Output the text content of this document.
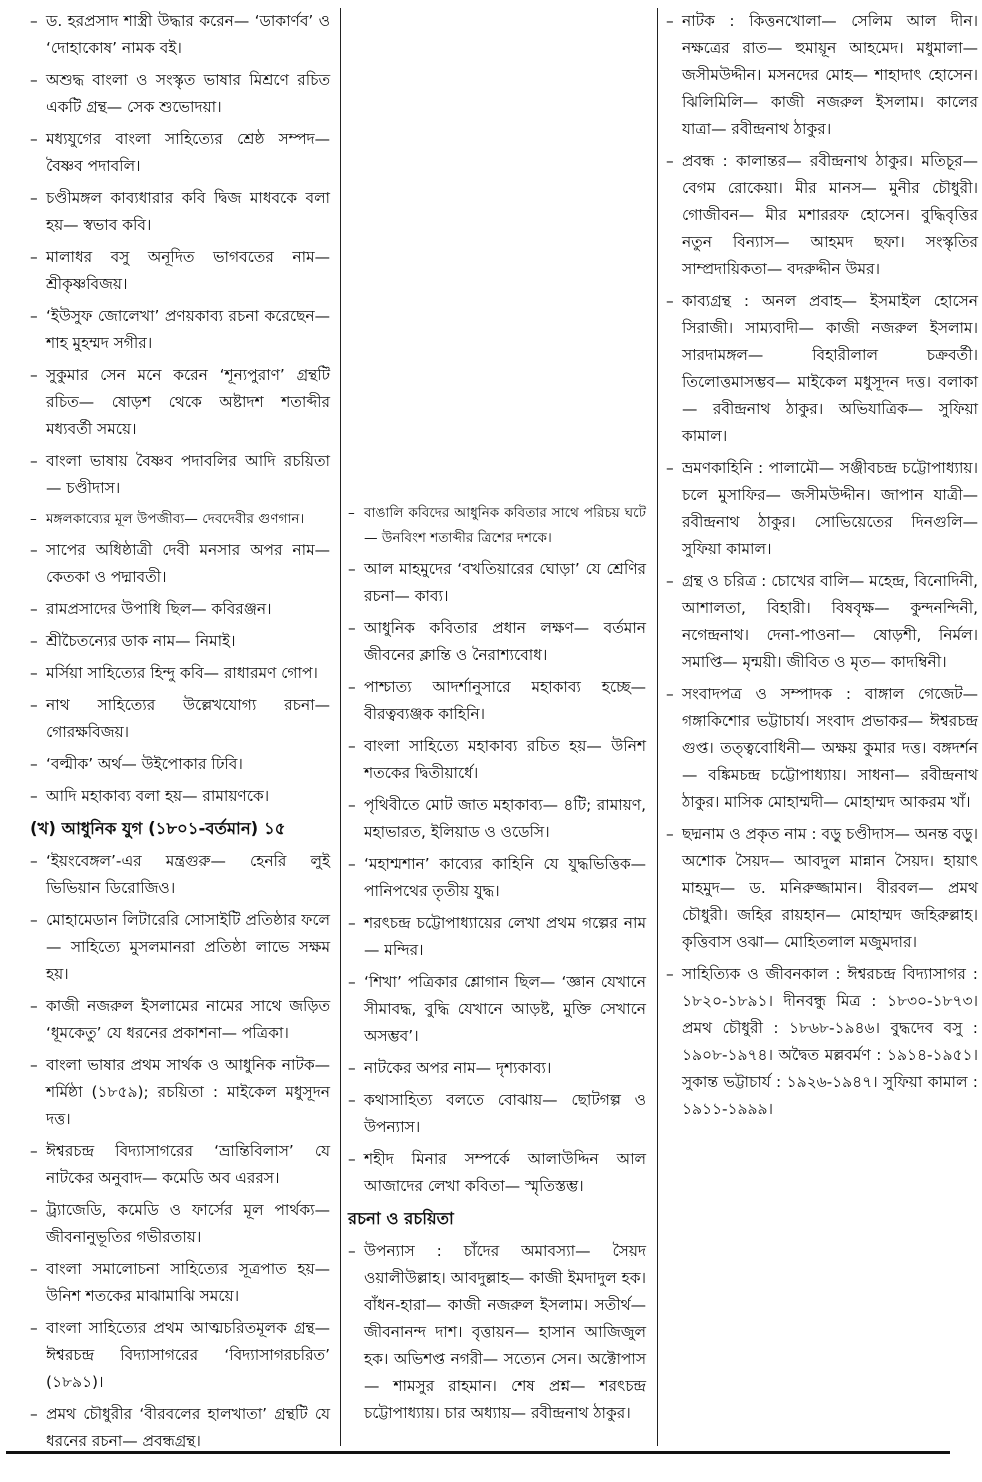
– ড. হরপ্রসাদ শাস্ত্রী উদ্ধার করেন— ‘ডাকার্ণব’ ও ‘দোহাকোষ’ নামক বই।
– অশুদ্ধ বাংলা ও সংস্কৃত ভাষার মিশ্রণে রচিত একটি গ্রন্থ— সেক শুভোদয়া।
– মধ্যযুগের বাংলা সাহিত্যের শ্রেষ্ঠ সম্পদ— বৈষ্ণব পদাবলি।
– চণ্ডীমঙ্গল কাব্যধারার কবি দ্বিজ মাধবকে বলা হয়— স্বভাব কবি।
– মালাধর বসু অনূদিত ভাগবতের নাম— শ্রীকৃষ্ণবিজয়।
– ‘ইউসুফ জোলেখা’ প্রণয়কাব্য রচনা করেছেন— শাহ মুহম্মদ সগীর।
– সুকুমার সেন মনে করেন ‘শূন্যপুরাণ’ গ্রন্থটি রচিত— ষোড়শ থেকে অষ্টাদশ শতাব্দীর মধ্যবর্তী সময়ে।
– বাংলা ভাষায় বৈষ্ণব পদাবলির আদি রচয়িতা — চণ্ডীদাস।
– মঙ্গলকাব্যের মূল উপজীব্য— দেবদেবীর গুণগান।
– সাপের অধিষ্ঠাত্রী দেবী মনসার অপর নাম— কেতকা ও পদ্মাবতী।
– রামপ্রসাদের উপাধি ছিল— কবিরঞ্জন।
– শ্রীচৈতন্যের ডাক নাম— নিমাই।
– মর্সিয়া সাহিত্যের হিন্দু কবি— রাধারমণ গোপ।
– নাথ সাহিত্যের উল্লেখযোগ্য রচনা— গোরক্ষবিজয়।
– ‘বল্মীক’ অর্থ— উইপোকার ঢিবি।
– আদি মহাকাব্য বলা হয়— রামায়ণকে।
(খ) আধুনিক যুগ (১৮০১-বর্তমান) ১৫
– ‘ইয়ংবেঙ্গল’-এর মন্ত্রগুরু— হেনরি লুই ভিভিয়ান ডিরোজিও।
– মোহামেডান লিটারেরি সোসাইটি প্রতিষ্ঠার ফলে— সাহিত্যে মুসলমানরা প্রতিষ্ঠা লাভে সক্ষম হয়।
– কাজী নজরুল ইসলামের নামের সাথে জড়িত ‘ধূমকেতু’ যে ধরনের প্রকাশনা— পত্রিকা।
– বাংলা ভাষার প্রথম সার্থক ও আধুনিক নাটক— শর্মিষ্ঠা (১৮৫৯); রচয়িতা : মাইকেল মধুসূদন দত্ত।
– ঈশ্বরচন্দ্র বিদ্যাসাগরের ‘ভ্রান্তিবিলাস’ যে নাটকের অনুবাদ— কমেডি অব এররস।
– ট্র্যাজেডি, কমেডি ও ফার্সের মূল পার্থক্য— জীবনানুভূতির গভীরতায়।
– বাংলা সমালোচনা সাহিত্যের সূত্রপাত হয়— উনিশ শতকের মাঝামাঝি সময়ে।
– বাংলা সাহিত্যের প্রথম আত্মচরিতমূলক গ্রন্থ— ঈশ্বরচন্দ্র বিদ্যাসাগরের ‘বিদ্যাসাগরচরিত’ (১৮৯১)।
– প্রমথ চৌধুরীর ‘বীরবলের হালখাতা’ গ্রন্থটি যে ধরনের রচনা— প্রবন্ধগ্রন্থ।
– বাঙালি কবিদের আধুনিক কবিতার সাথে পরিচয় ঘটে— উনবিংশ শতাব্দীর ত্রিশের দশকে।
– আল মাহমুদের ‘বখতিয়ারের ঘোড়া’ যে শ্রেণির রচনা— কাব্য।
– আধুনিক কবিতার প্রধান লক্ষণ— বর্তমান জীবনের ক্লান্তি ও নৈরাশ্যবোধ।
– পাশ্চাত্য আদর্শানুসারে মহাকাব্য হচ্ছে— বীরত্বব্যঞ্জক কাহিনি।
– বাংলা সাহিত্যে মহাকাব্য রচিত হয়— উনিশ শতকের দ্বিতীয়ার্ধে।
– পৃথিবীতে মোট জাত মহাকাব্য— ৪টি; রামায়ণ, মহাভারত, ইলিয়াড ও ওডেসি।
– ‘মহাশ্মশান’ কাব্যের কাহিনি যে যুদ্ধভিত্তিক— পানিপথের তৃতীয় যুদ্ধ।
– শরৎচন্দ্র চট্টোপাধ্যায়ের লেখা প্রথম গল্পের নাম— মন্দির।
– ‘শিখা’ পত্রিকার শ্লোগান ছিল— ‘জ্ঞান যেখানে সীমাবদ্ধ, বুদ্ধি যেখানে আড়ষ্ট, মুক্তি সেখানে অসম্ভব’।
– নাটকের অপর নাম— দৃশ্যকাব্য।
– কথাসাহিত্য বলতে বোঝায়— ছোটগল্প ও উপন্যাস।
– শহীদ মিনার সম্পর্কে আলাউদ্দিন আল আজাদের লেখা কবিতা— স্মৃতিস্তম্ভ।
রচনা ও রচয়িতা
– উপন্যাস : চাঁদের অমাবস্যা— সৈয়দ ওয়ালীউল্লাহ। আবদুল্লাহ— কাজী ইমদাদুল হক। বাঁধন-হারা— কাজী নজরুল ইসলাম। সতীর্থ— জীবনানন্দ দাশ। বৃত্তায়ন— হাসান আজিজুল হক। অভিশপ্ত নগরী— সত্যেন সেন। অক্টোপাস— শামসুর রাহমান। শেষ প্রশ্ন— শরৎচন্দ্র চট্টোপাধ্যায়। চার অধ্যায়— রবীন্দ্রনাথ ঠাকুর।
– নাটক : কিত্তনখোলা— সেলিম আল দীন। নক্ষত্রের রাত— হুমায়ূন আহমেদ। মধুমালা— জসীমউদ্দীন। মসনদের মোহ— শাহাদাৎ হোসেন। ঝিলিমিলি— কাজী নজরুল ইসলাম। কালের যাত্রা— রবীন্দ্রনাথ ঠাকুর।
– প্রবন্ধ : কালান্তর— রবীন্দ্রনাথ ঠাকুর। মতিচূর— বেগম রোকেয়া। মীর মানস— মুনীর চৌধুরী। গোজীবন— মীর মশাররফ হোসেন। বুদ্ধিবৃত্তির নতুন বিন্যাস— আহমদ ছফা। সংস্কৃতির সাম্প্রদায়িকতা— বদরুদ্দীন উমর।
– কাব্যগ্রন্থ : অনল প্রবাহ— ইসমাইল হোসেন সিরাজী। সাম্যবাদী— কাজী নজরুল ইসলাম। সারদামঙ্গল— বিহারীলাল চক্রবর্তী। তিলোত্তমাসম্ভব— মাইকেল মধুসূদন দত্ত। বলাকা— রবীন্দ্রনাথ ঠাকুর। অভিযাত্রিক— সুফিয়া কামাল।
– ভ্রমণকাহিনি : পালামৌ— সঞ্জীবচন্দ্র চট্টোপাধ্যায়। চলে মুসাফির— জসীমউদ্দীন। জাপান যাত্রী— রবীন্দ্রনাথ ঠাকুর। সোভিয়েতের দিনগুলি— সুফিয়া কামাল।
– গ্রন্থ ও চরিত্র : চোখের বালি— মহেন্দ্র, বিনোদিনী, আশালতা, বিহারী। বিষবৃক্ষ— কুন্দনন্দিনী, নগেন্দ্রনাথ। দেনা-পাওনা— ষোড়শী, নির্মল। সমাপ্তি— মৃন্ময়ী। জীবিত ও মৃত— কাদম্বিনী।
– সংবাদপত্র ও সম্পাদক : বাঙ্গাল গেজেট— গঙ্গাকিশোর ভট্টাচার্য। সংবাদ প্রভাকর— ঈশ্বরচন্দ্র গুপ্ত। তত্ত্ববোধিনী— অক্ষয় কুমার দত্ত। বঙ্গদর্শন— বঙ্কিমচন্দ্র চট্টোপাধ্যায়। সাধনা— রবীন্দ্রনাথ ঠাকুর। মাসিক মোহাম্মদী— মোহাম্মদ আকরম খাঁ।
– ছদ্মনাম ও প্রকৃত নাম : বড়ু চণ্ডীদাস— অনন্ত বড়ু। অশোক সৈয়দ— আবদুল মান্নান সৈয়দ। হায়াৎ মাহমুদ— ড. মনিরুজ্জামান। বীরবল— প্রমথ চৌধুরী। জহির রায়হান— মোহাম্মদ জহিরুল্লাহ। কৃত্তিবাস ওঝা— মোহিতলাল মজুমদার।
– সাহিত্যিক ও জীবনকাল : ঈশ্বরচন্দ্র বিদ্যাসাগর : ১৮২০-১৮৯১। দীনবন্ধু মিত্র : ১৮৩০-১৮৭৩। প্রমথ চৌধুরী : ১৮৬৮-১৯৪৬। বুদ্ধদেব বসু : ১৯০৮-১৯৭৪। অদ্বৈত মল্লবর্মণ : ১৯১৪-১৯৫১। সুকান্ত ভট্টাচার্য : ১৯২৬-১৯৪৭। সুফিয়া কামাল : ১৯১১-১৯৯৯।
